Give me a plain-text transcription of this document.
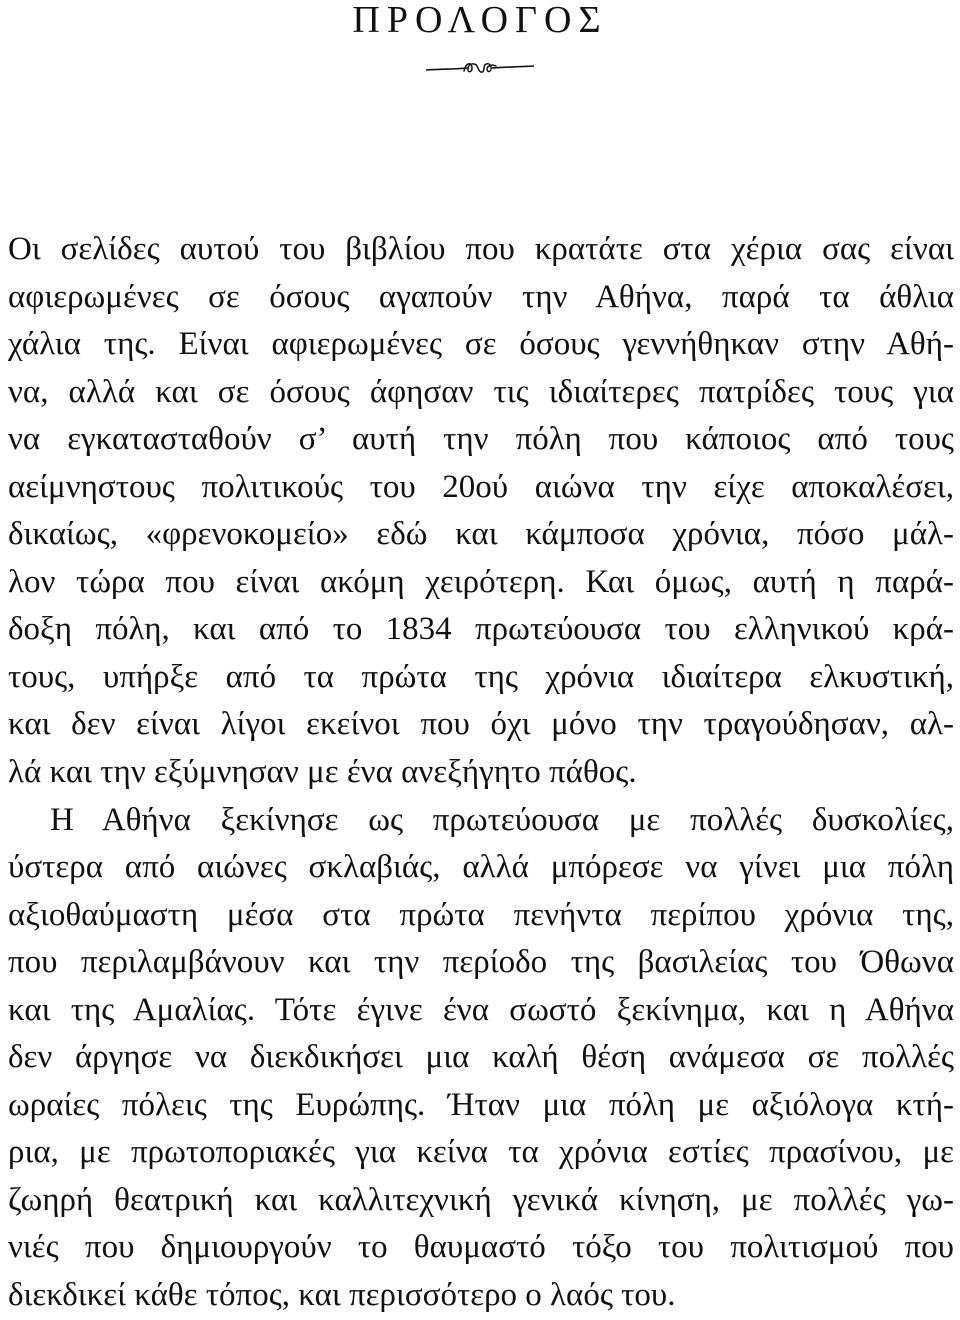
ΠΡΟΛΟΓΟΣ
Οι σελίδες αυτού του βιβλίου που κρατάτε στα χέρια σας είναι
αφιερωμένες σε όσους αγαπούν την Αθήνα, παρά τα άθλια
χάλια της. Είναι αφιερωμένες σε όσους γεννήθηκαν στην Αθή-
να, αλλά και σε όσους άφησαν τις ιδιαίτερες πατρίδες τους για
να εγκατασταθούν σ’ αυτή την πόλη που κάποιος από τους
αείμνηστους πολιτικούς του 20ού αιώνα την είχε αποκαλέσει,
δικαίως, «φρενοκομείο» εδώ και κάμποσα χρόνια, πόσο μάλ-
λον τώρα που είναι ακόμη χειρότερη. Και όμως, αυτή η παρά-
δοξη πόλη, και από το 1834 πρωτεύουσα του ελληνικού κρά-
τους, υπήρξε από τα πρώτα της χρόνια ιδιαίτερα ελκυστική,
και δεν είναι λίγοι εκείνοι που όχι μόνο την τραγούδησαν, αλ-
λά και την εξύμνησαν με ένα ανεξήγητο πάθος.
Η Αθήνα ξεκίνησε ως πρωτεύουσα με πολλές δυσκολίες,
ύστερα από αιώνες σκλαβιάς, αλλά μπόρεσε να γίνει μια πόλη
αξιοθαύμαστη μέσα στα πρώτα πενήντα περίπου χρόνια της,
που περιλαμβάνουν και την περίοδο της βασιλείας του Όθωνα
και της Αμαλίας. Τότε έγινε ένα σωστό ξεκίνημα, και η Αθήνα
δεν άργησε να διεκδικήσει μια καλή θέση ανάμεσα σε πολλές
ωραίες πόλεις της Ευρώπης. Ήταν μια πόλη με αξιόλογα κτή-
ρια, με πρωτοποριακές για κείνα τα χρόνια εστίες πρασίνου, με
ζωηρή θεατρική και καλλιτεχνική γενικά κίνηση, με πολλές γω-
νιές που δημιουργούν το θαυμαστό τόξο του πολιτισμού που
διεκδικεί κάθε τόπος, και περισσότερο ο λαός του.
